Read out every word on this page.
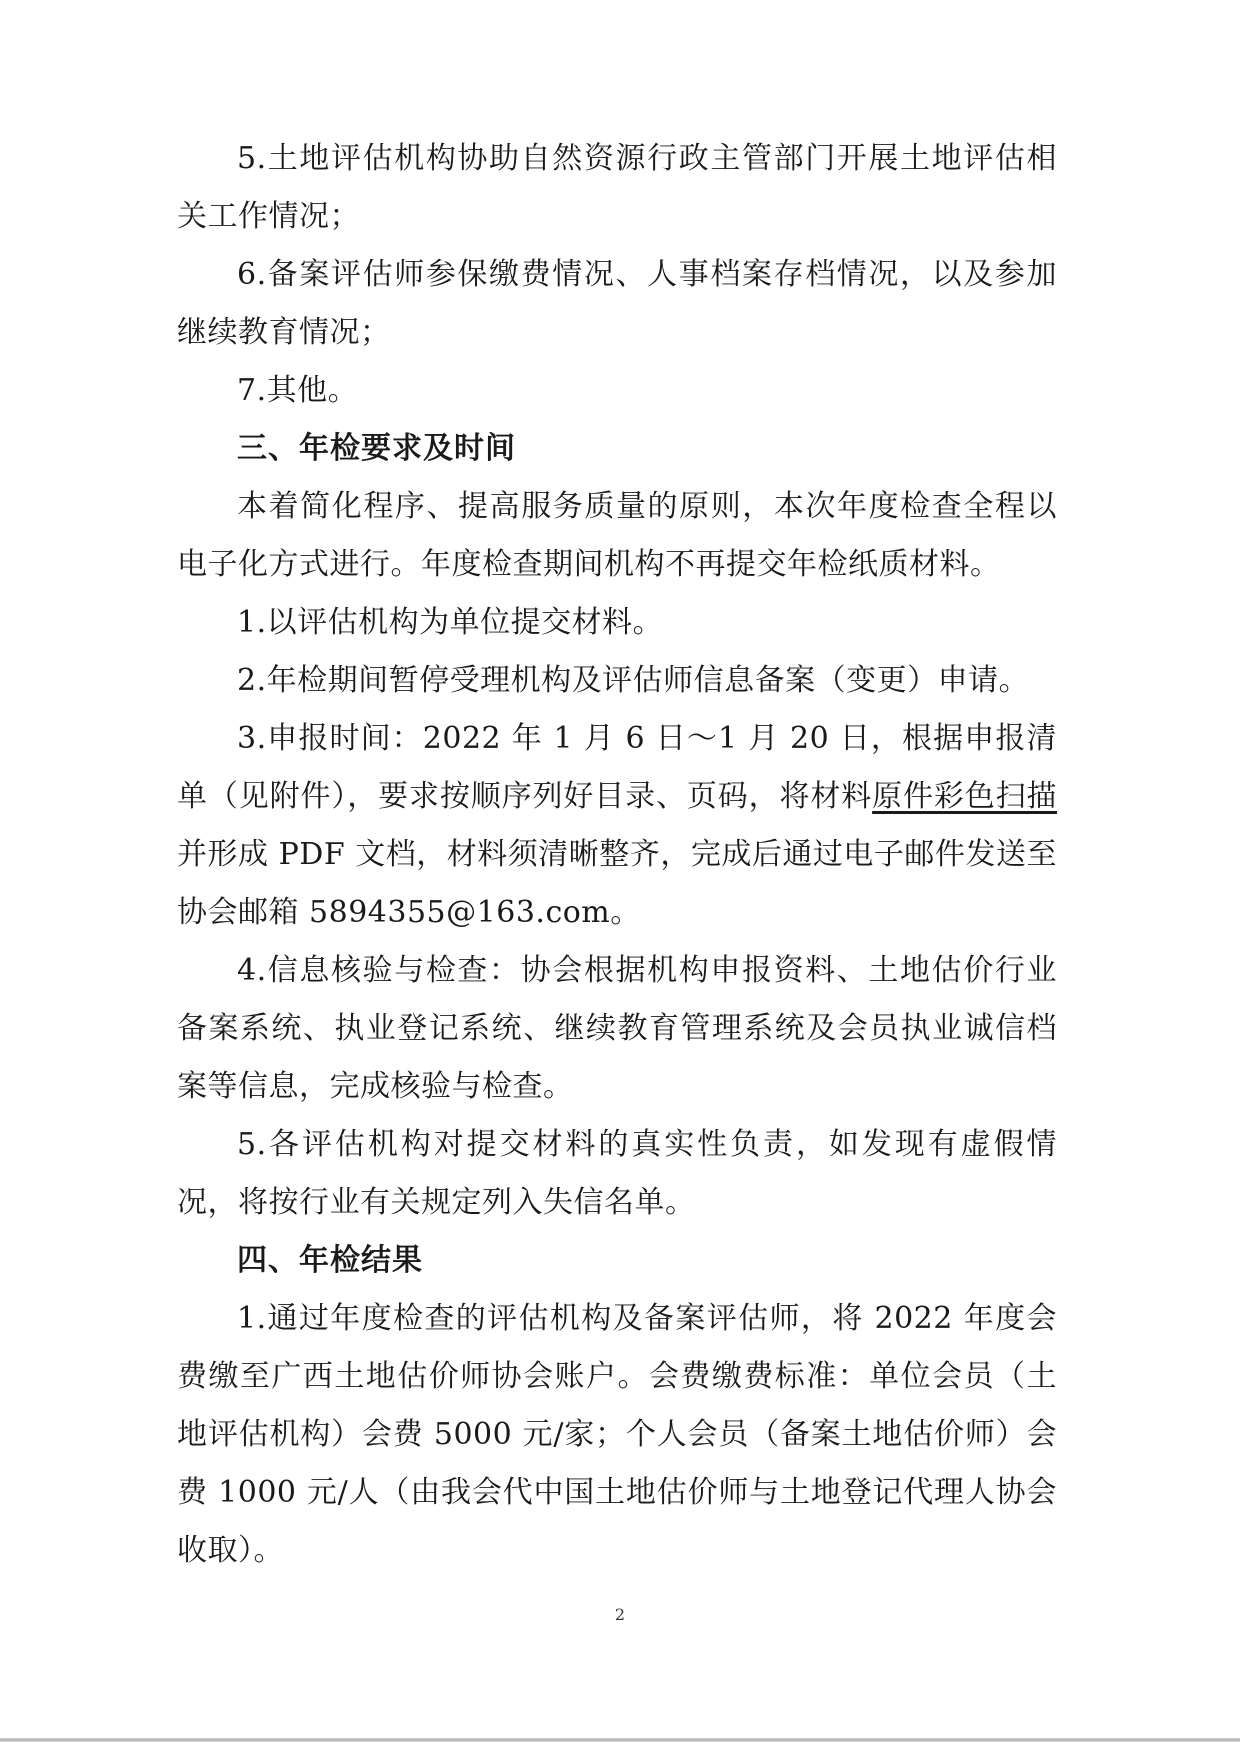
5.土地评估机构协助自然资源行政主管部门开展土地评估相关工作情况；

6.备案评估师参保缴费情况、人事档案存档情况，以及参加继续教育情况；

7.其他。

三、年检要求及时间

本着简化程序、提高服务质量的原则，本次年度检查全程以电子化方式进行。年度检查期间机构不再提交年检纸质材料。

1.以评估机构为单位提交材料。

2.年检期间暂停受理机构及评估师信息备案（变更）申请。

3.申报时间：2022 年 1 月 6 日～1 月 20 日，根据申报清单（见附件），要求按顺序列好目录、页码，将材料原件彩色扫描并形成 PDF 文档，材料须清晰整齐，完成后通过电子邮件发送至协会邮箱 5894355@163.com。

4.信息核验与检查：协会根据机构申报资料、土地估价行业备案系统、执业登记系统、继续教育管理系统及会员执业诚信档案等信息，完成核验与检查。

5.各评估机构对提交材料的真实性负责，如发现有虚假情况，将按行业有关规定列入失信名单。

四、年检结果

1.通过年度检查的评估机构及备案评估师，将 2022 年度会费缴至广西土地估价师协会账户。会费缴费标准：单位会员（土地评估机构）会费 5000 元/家；个人会员（备案土地估价师）会费 1000 元/人（由我会代中国土地估价师与土地登记代理人协会收取）。

2
